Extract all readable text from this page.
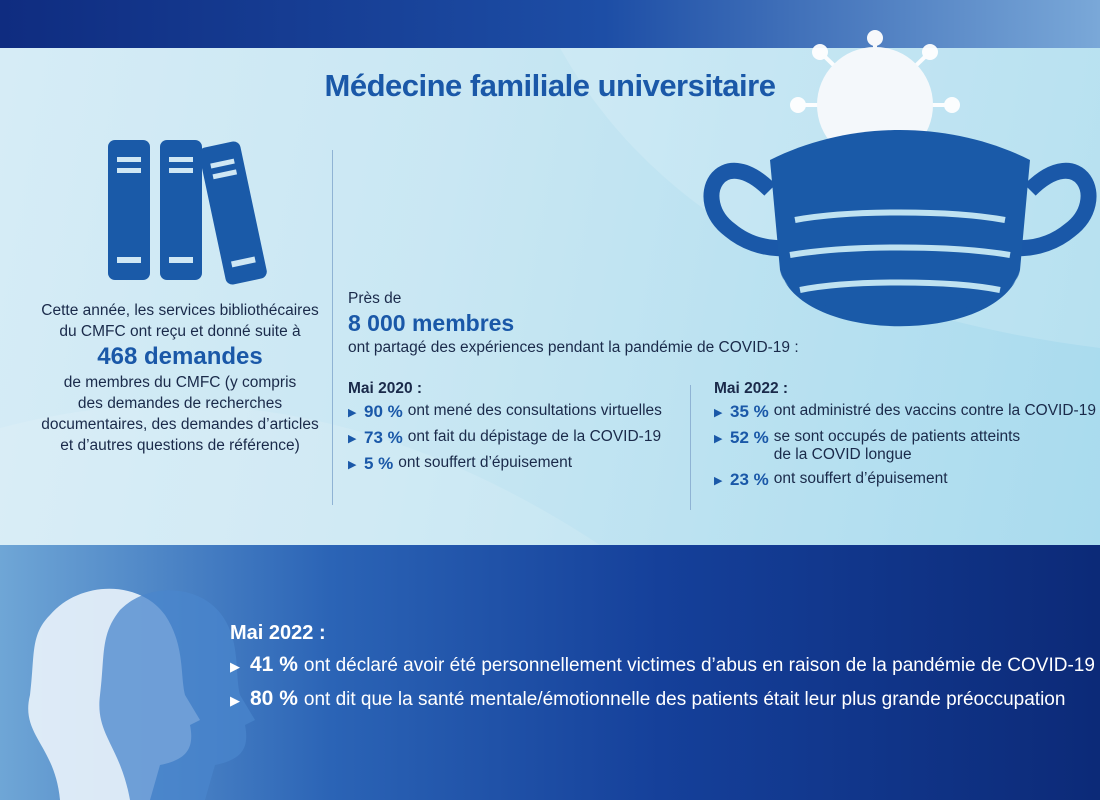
Médecine familiale universitaire
Cette année, les services bibliothécaires
du CMFC ont reçu et donné suite à
468 demandes
de membres du CMFC (y compris
des demandes de recherches
documentaires, des demandes d’articles
et d’autres questions de référence)
Près de
8 000 membres
ont partagé des expériences pendant la pandémie de COVID-19 :
Mai 2020 :
▶ 90 % ont mené des consultations virtuelles
▶ 73 % ont fait du dépistage de la COVID-19
▶ 5 % ont souffert d’épuisement
Mai 2022 :
▶ 35 % ont administré des vaccins contre la COVID-19
▶ 52 % se sont occupés de patients atteints
de la COVID longue
▶ 23 % ont souffert d’épuisement
Mai 2022 :
▶ 41 % ont déclaré avoir été personnellement victimes d’abus en raison de la pandémie de COVID-19
▶ 80 % ont dit que la santé mentale/émotionnelle des patients était leur plus grande préoccupation
